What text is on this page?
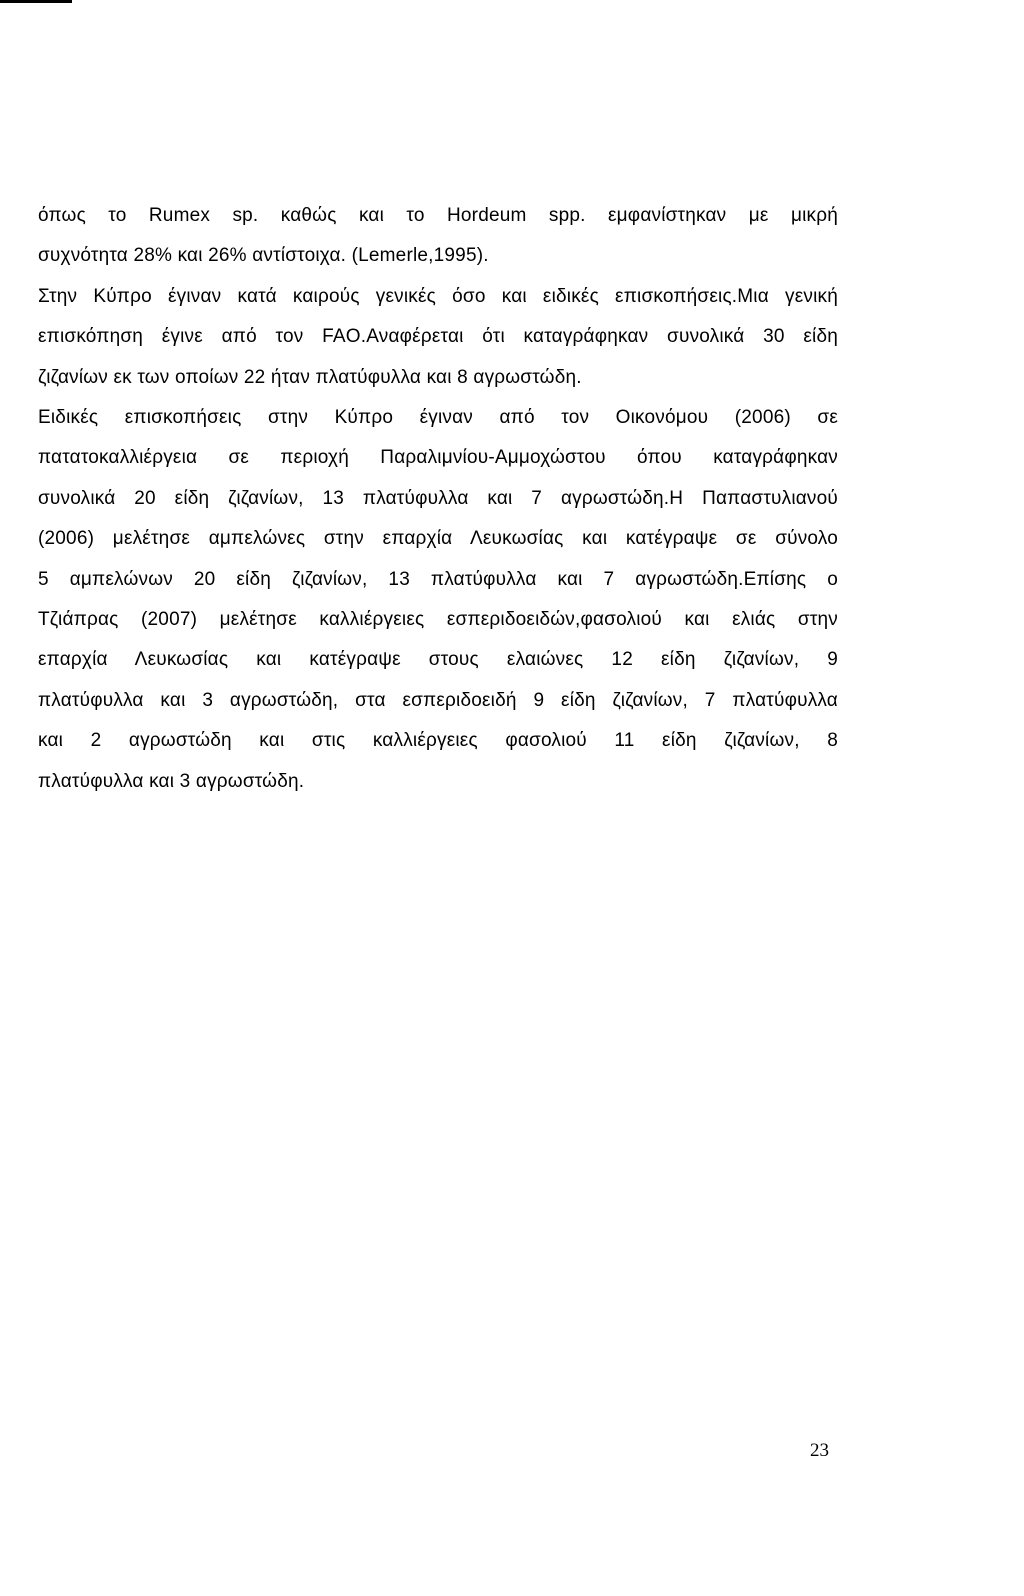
όπως το Rumex sp. καθώς και το Hordeum spp. εμφανίστηκαν με μικρή
συχνότητα 28% και 26% αντίστοιχα. (Lemerle,1995).
Στην Κύπρο έγιναν κατά καιρούς γενικές όσο και ειδικές επισκοπήσεις.Μια γενική
επισκόπηση έγινε από τον FAO.Αναφέρεται ότι καταγράφηκαν συνολικά 30 είδη
ζιζανίων εκ των οποίων 22 ήταν πλατύφυλλα και 8 αγρωστώδη.
Ειδικές επισκοπήσεις στην Κύπρο έγιναν από τον Οικονόμου (2006) σε
πατατοκαλλιέργεια σε περιοχή Παραλιμνίου-Αμμοχώστου όπου καταγράφηκαν
συνολικά 20 είδη ζιζανίων, 13 πλατύφυλλα και 7 αγρωστώδη.Η Παπαστυλιανού
(2006) μελέτησε αμπελώνες στην επαρχία Λευκωσίας και κατέγραψε σε σύνολο
5 αμπελώνων 20 είδη ζιζανίων, 13 πλατύφυλλα και 7 αγρωστώδη.Επίσης ο
Τζιάπρας (2007) μελέτησε καλλιέργειες εσπεριδοειδών,φασολιού και ελιάς στην
επαρχία Λευκωσίας και κατέγραψε στους ελαιώνες 12 είδη ζιζανίων, 9
πλατύφυλλα και 3 αγρωστώδη, στα εσπεριδοειδή 9 είδη ζιζανίων, 7 πλατύφυλλα
και 2 αγρωστώδη και στις καλλιέργειες φασολιού 11 είδη ζιζανίων, 8
πλατύφυλλα και 3 αγρωστώδη.
23
